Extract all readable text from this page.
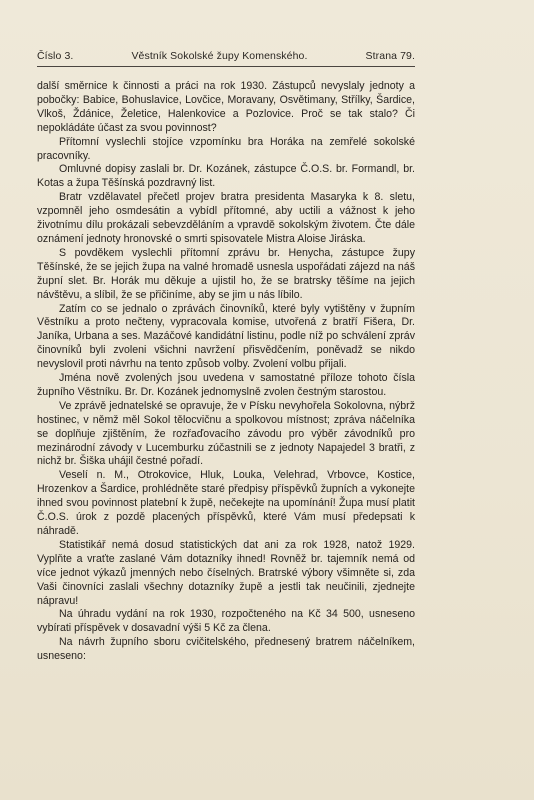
Číslo 3.	Věstník Sokolské župy Komenského.	Strana 79.

další směrnice k činnosti a práci na rok 1930. Zástupců nevyslaly jednoty a pobočky: Babice, Bohuslavice, Lovčice, Moravany, Osvětimany, Střílky, Šardice, Vlkoš, Ždánice, Želetice, Halenkovice a Pozlovice. Proč se tak stalo? Či nepokládáte účast za svou povinnost?

Přítomní vyslechli stojíce vzpomínku bra Horáka na zemřelé sokolské pracovníky.

Omluvné dopisy zaslali br. Dr. Kozánek, zástupce Č.O.S. br. Formandl, br. Kotas a župa Těšínská pozdravný list.

Bratr vzdělavatel přečetl projev bratra presidenta Masaryka k 8. sletu, vzpomněl jeho osmdesátin a vybídl přítomné, aby uctili a vážnost k jeho životnímu dílu prokázali sebevzděláním a vpravdě sokolským životem. Čte dále oznámení jednoty hronovské o smrti spisovatele Mistra Aloise Jiráska.

S povděkem vyslechli přítomní zprávu br. Henycha, zástupce župy Těšínské, že se jejich župa na valné hromadě usnesla uspořádati zájezd na náš župní slet. Br. Horák mu děkuje a ujistil ho, že se bratrsky těšíme na jejich návštěvu, a slíbil, že se přičiníme, aby se jim u nás líbilo.

Zatím co se jednalo o zprávách činovníků, které byly vytištěny v župním Věstníku a proto nečteny, vypracovala komise, utvořená z bratří Fišera, Dr. Janíka, Urbana a ses. Mazáčové kandidátní listinu, podle níž po schválení zpráv činovníků byli zvoleni všichni navržení přisvědčením, poněvadž se nikdo nevyslovil proti návrhu na tento způsob volby. Zvolení volbu přijali.

Jména nově zvolených jsou uvedena v samostatné příloze tohoto čísla župního Věstníku. Br. Dr. Kozánek jednomyslně zvolen čestným starostou.

Ve zprávě jednatelské se opravuje, že v Písku nevyhořela Sokolovna, nýbrž hostinec, v němž měl Sokol tělocvičnu a spolkovou místnost; zpráva náčelníka se doplňuje zjištěním, že rozřaďovacího závodu pro výběr závodníků pro mezinárodní závody v Lucemburku zúčastnili se z jednoty Napajedel 3 bratři, z nichž br. Šiška uhájil čestné pořadí.

Veselí n. M., Otrokovice, Hluk, Louka, Velehrad, Vrbovce, Kostice, Hrozenkov a Šardice, prohlédněte staré předpisy příspěvků župních a vykonejte ihned svou povinnost platební k župě, nečekejte na upomínání! Župa musí platit Č.O.S. úrok z pozdě placených příspěvků, které Vám musí předepsati k náhradě.

Statistikář nemá dosud statistických dat ani za rok 1928, natož 1929. Vyplňte a vraťte zaslané Vám dotazníky ihned! Rovněž br. tajemník nemá od více jednot výkazů jmenných nebo číselných. Bratrské výbory všimněte si, zda Vaši činovníci zaslali všechny dotazníky župě a jestli tak neučinili, zjednejte nápravu!

Na úhradu vydání na rok 1930, rozpočteného na Kč 34 500, usneseno vybírati příspěvek v dosavadní výši 5 Kč za člena.

Na návrh župního sboru cvičitelského, přednesený bratrem náčelníkem, usneseno:
